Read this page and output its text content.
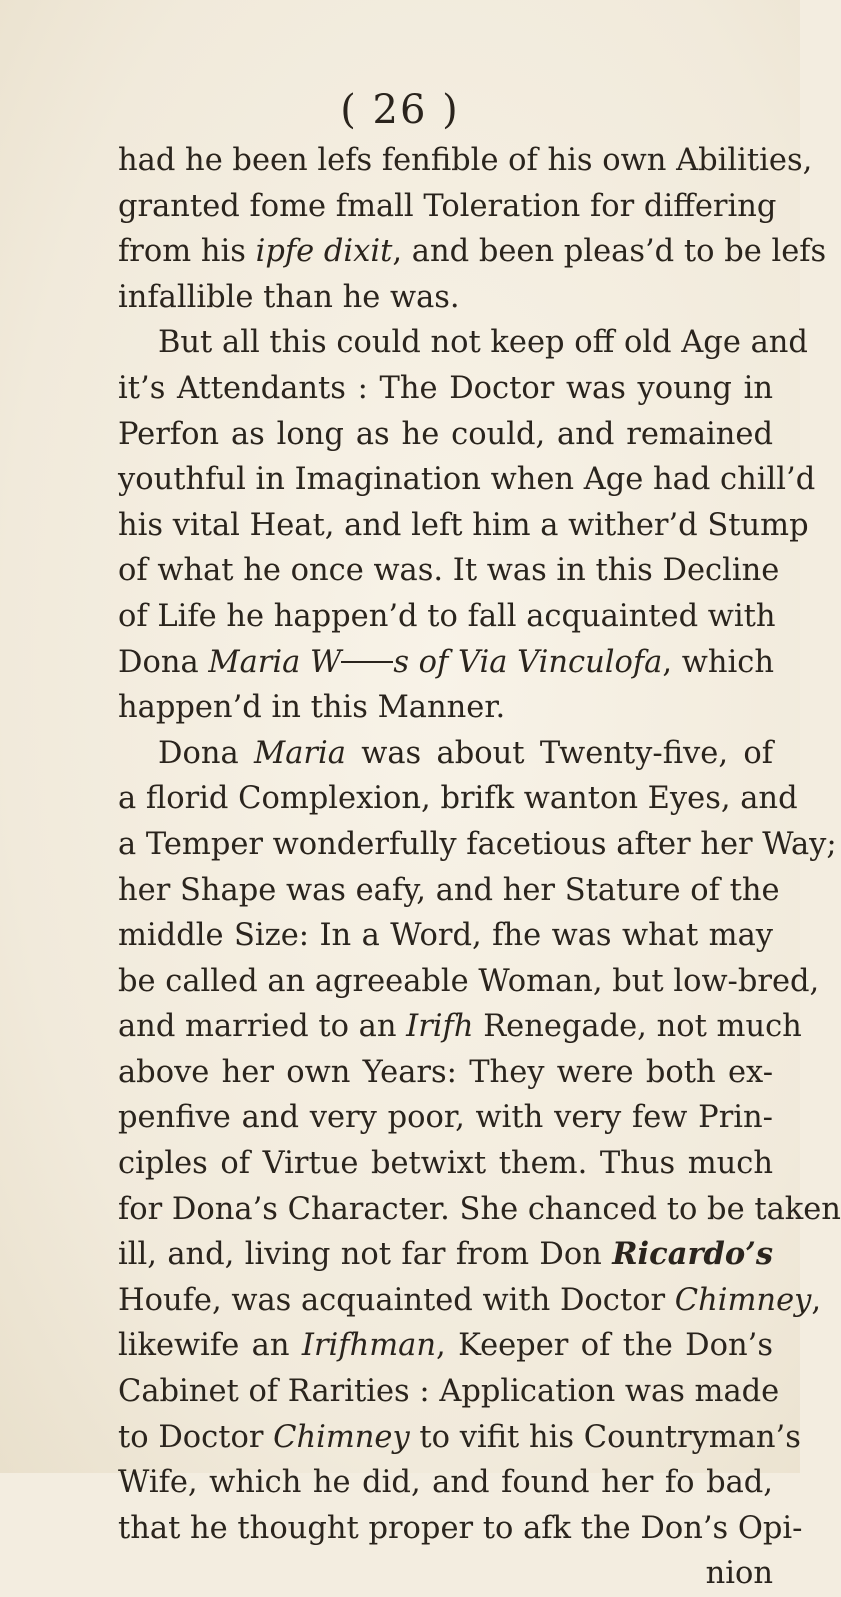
( 26 )
had he been lefs fenfible of his own Abilities,
granted fome fmall Toleration for differing
from his ipfe dixit, and been pleas’d to be lefs
infallible than he was.
But all this could not keep off old Age and
it’s Attendants : The Doctor was young in
Perfon as long as he could, and remained
youthful in Imagination when Age had chill’d
his vital Heat, and left him a wither’d Stump
of what he once was. It was in this Decline
of Life he happen’d to fall acquainted with
Dona Maria W s of Via Vinculofa, which
happen’d in this Manner.
Dona Maria was about Twenty-five, of
a florid Complexion, brifk wanton Eyes, and
a Temper wonderfully facetious after her Way;
her Shape was eafy, and her Stature of the
middle Size: In a Word, fhe was what may
be called an agreeable Woman, but low-bred,
and married to an Irifh Renegade, not much
above her own Years: They were both ex-
penfive and very poor, with very few Prin-
ciples of Virtue betwixt them. Thus much
for Dona’s Character. She chanced to be taken
ill, and, living not far from Don Ricardo’s
Houfe, was acquainted with Doctor Chimney,
likewife an Irifhman, Keeper of the Don’s
Cabinet of Rarities : Application was made
to Doctor Chimney to vifit his Countryman’s
Wife, which he did, and found her fo bad,
that he thought proper to afk the Don’s Opi-
nion
